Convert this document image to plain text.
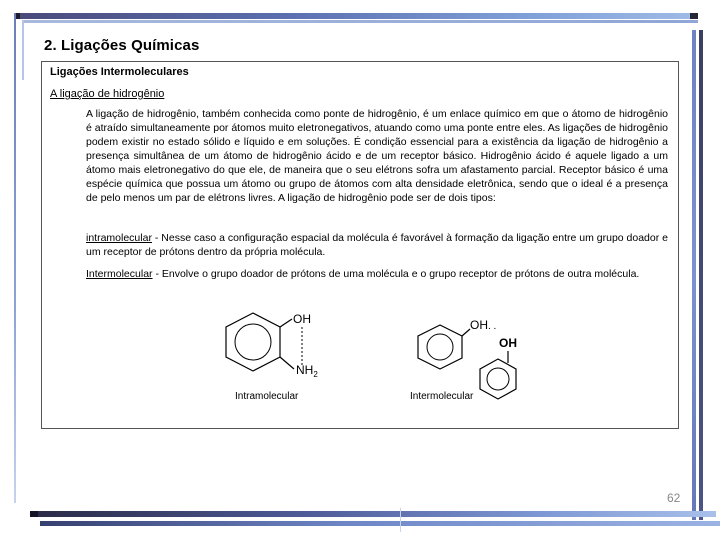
2. Ligações Químicas
Ligações Intermoleculares
A ligação de hidrogênio
A ligação de hidrogênio, também conhecida como ponte de hidrogênio, é um enlace químico em que o átomo de hidrogênio é atraído simultaneamente por átomos muito eletronegativos, atuando como uma ponte entre eles. As ligações de hidrogênio podem existir no estado sólido e líquido e em soluções. É condição essencial para a existência da ligação de hidrogênio a presença simultânea de um átomo de hidrogênio ácido e de um receptor básico. Hidrogênio ácido é aquele ligado a um átomo mais eletronegativo do que ele, de maneira que o seu elétrons sofra um afastamento parcial. Receptor básico é uma espécie química que possua um átomo ou grupo de átomos com alta densidade eletrônica, sendo que o ideal é a presença de pelo menos um par de elétrons livres. A ligação de hidrogênio pode ser de dois tipos:
intramolecular - Nesse caso a configuração espacial da molécula é favorável à formação da ligação entre um grupo doador e um receptor de prótons dentro da própria molécula.
Intermolecular - Envolve o grupo doador de prótons de uma molécula e o grupo receptor de prótons de outra molécula.
OH
$NH_2$
Intramolecular
OH . .
OH
Intermolecular
62
